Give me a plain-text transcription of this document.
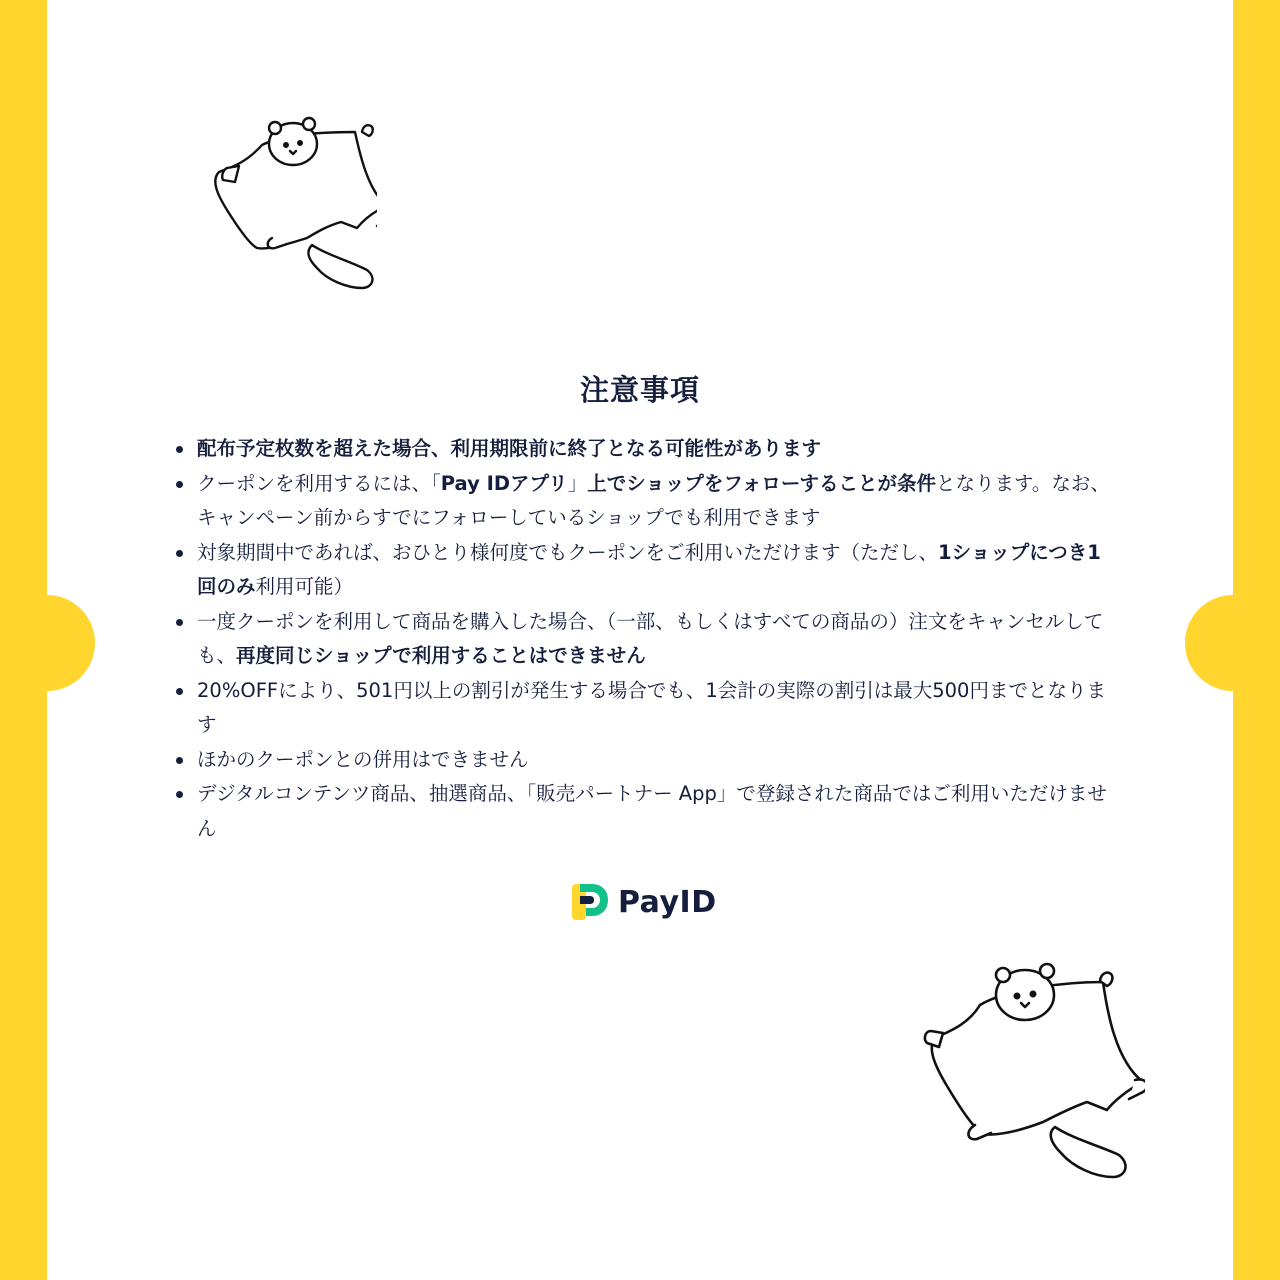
注意事項
配布予定枚数を超えた場合、利用期限前に終了となる可能性があります
クーポンを利用するには、「Pay IDアプリ」上でショップをフォローすることが条件となります。なお、キャンペーン前からすでにフォローしているショップでも利用できます
対象期間中であれば、おひとり様何度でもクーポンをご利用いただけます（ただし、1ショップにつき1回のみ利用可能）
一度クーポンを利用して商品を購入した場合、（一部、もしくはすべての商品の）注文をキャンセルしても、再度同じショップで利用することはできません
20%OFFにより、501円以上の割引が発生する場合でも、1会計の実際の割引は最大500円までとなります
ほかのクーポンとの併用はできません
デジタルコンテンツ商品、抽選商品、「販売パートナー App」で登録された商品ではご利用いただけません
PayID
